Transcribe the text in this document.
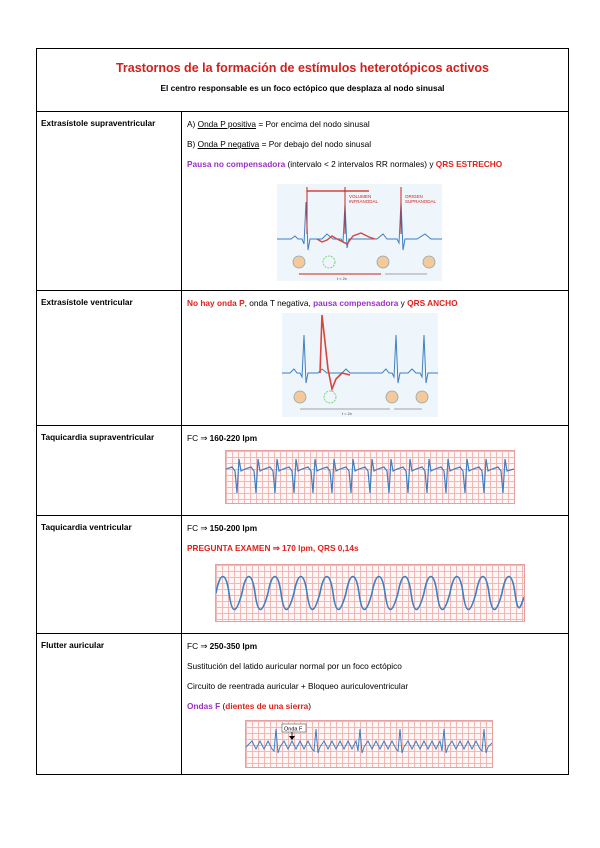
Trastornos de la formación de estímulos heterotópicos activos
El centro responsable es un foco ectópico que desplaza al nodo sinusal
Extrasístole supraventricular	A) Onda P positiva = Por encima del nodo sinusal
B) Onda P negativa = Por debajo del nodo sinusal
Pausa no compensadora (intervalo < 2 intervalos RR normales) y QRS ESTRECHO
VOLUMEN
INFRANODAL
ORIGEN
SUPRANODAL
t < 2x
Extrasístole ventricular	No hay onda P, onda T negativa, pausa compensadora y QRS ANCHO
t = 2x
Taquicardia supraventricular	FC ⇒ 160-220 lpm
Taquicardia ventricular	FC ⇒ 150-200 lpm
PREGUNTA EXAMEN ⇒ 170 lpm, QRS 0,14s
Flutter auricular	FC ⇒ 250-350 lpm
Sustitución del latido auricular normal por un foco ectópico
Circuito de reentrada auricular + Bloqueo auriculoventricular
Ondas F (dientes de una sierra)
Onda F
